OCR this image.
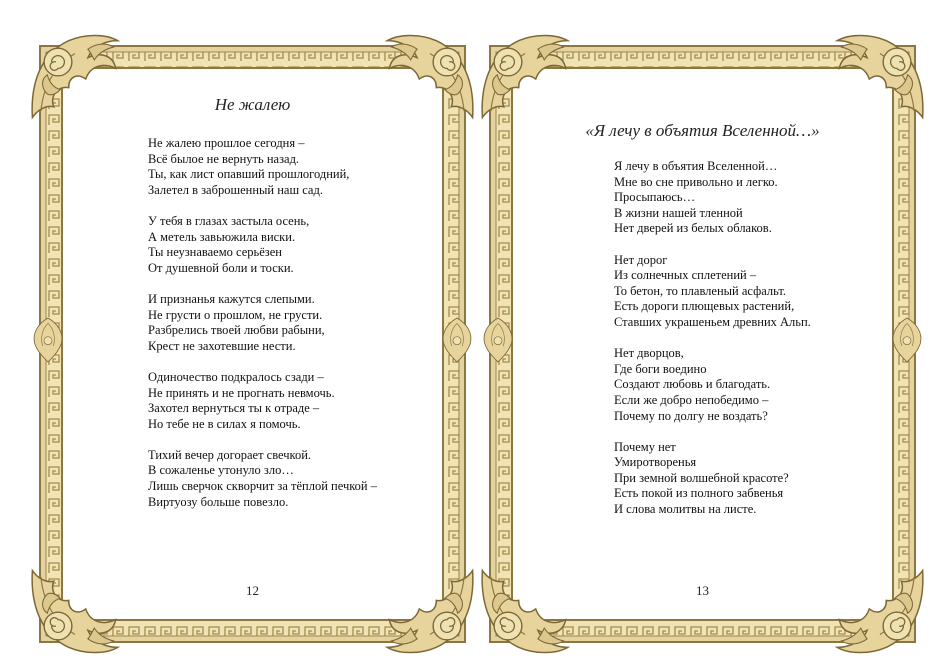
Не жалею
Не жалею прошлое сегодня –
Всё былое не вернуть назад.
Ты, как лист опавший прошлогодний,
Залетел в заброшенный наш сад.
У тебя в глазах застыла осень,
А метель завьюжила виски.
Ты неузнаваемо серьёзен
От душевной боли и тоски.
И признанья кажутся слепыми.
Не грусти о прошлом, не грусти.
Разбрелись твоей любви рабыни,
Крест не захотевшие нести.
Одиночество подкралось сзади –
Не принять и не прогнать невмочь.
Захотел вернуться ты к отраде –
Но тебе не в силах я помочь.
Тихий вечер догорает свечкой.
В сожаленье утонуло зло…
Лишь сверчок скворчит за тёплой печкой –
Виртуозу больше повезло.
12
«Я лечу в объятия Вселенной…»
Я лечу в объятия Вселенной…
Мне во сне привольно и легко.
Просыпаюсь…
В жизни нашей тленной
Нет дверей из белых облаков.
Нет дорог
Из солнечных сплетений –
То бетон, то плавленый асфальт.
Есть дороги плющевых растений,
Ставших украшеньем древних Альп.
Нет дворцов,
Где боги воедино
Создают любовь и благодать.
Если же добро непобедимо –
Почему по долгу не воздать?
Почему нет
Умиротворенья
При земной волшебной красоте?
Есть покой из полного забвенья
И слова молитвы на листе.
13
